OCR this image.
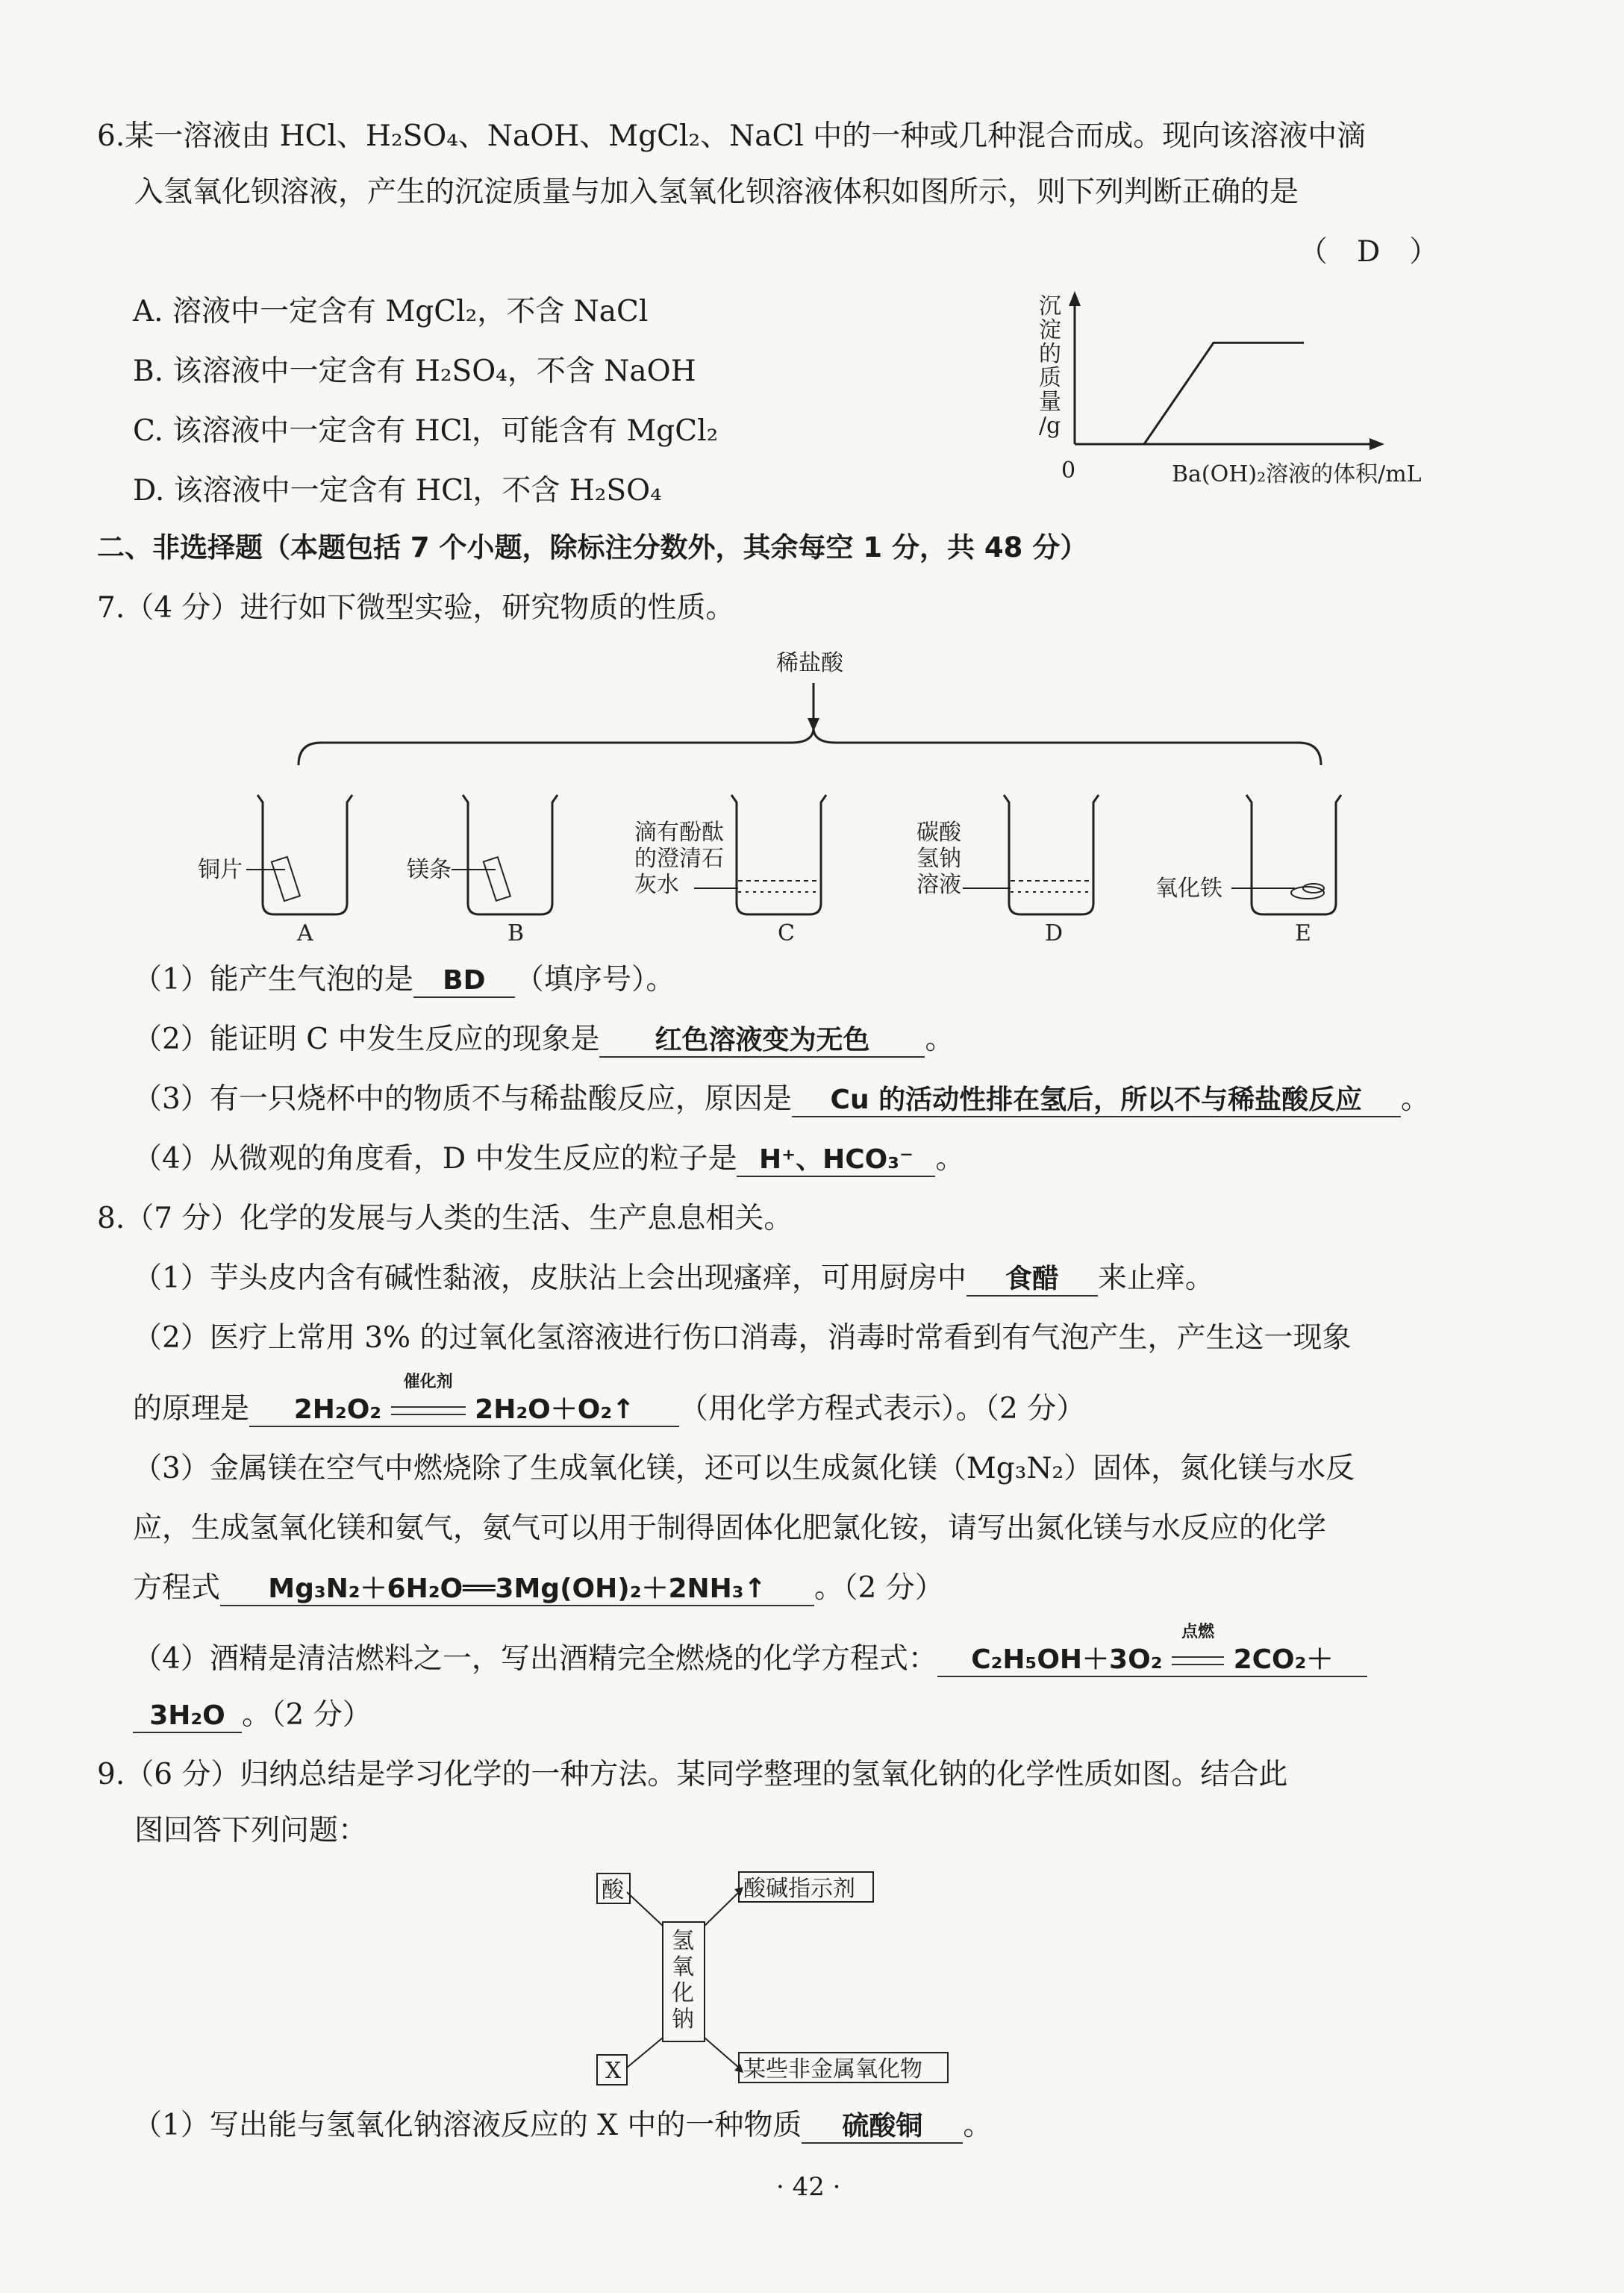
6.某一溶液由 HCl、H₂SO₄、NaOH、MgCl₂、NaCl 中的一种或几种混合而成。现向该溶液中滴
入氢氧化钡溶液，产生的沉淀质量与加入氢氧化钡溶液体积如图所示，则下列判断正确的是
（　D　）
A. 溶液中一定含有 MgCl₂，不含 NaCl
B. 该溶液中一定含有 H₂SO₄，不含 NaOH
C. 该溶液中一定含有 HCl，可能含有 MgCl₂
D. 该溶液中一定含有 HCl，不含 H₂SO₄
沉淀的质量/g
0	Ba(OH)₂溶液的体积/mL
二、非选择题（本题包括 7 个小题，除标注分数外，其余每空 1 分，共 48 分）
7.（4 分）进行如下微型实验，研究物质的性质。
稀盐酸
铜片
A
镁条
B
滴有酚酞
的澄清石
灰水
C
碳酸
氢钠
溶液
D
氧化铁
E
（1）能产生气泡的是 BD （填序号）。
（2）能证明 C 中发生反应的现象是 红色溶液变为无色 。
（3）有一只烧杯中的物质不与稀盐酸反应，原因是 Cu 的活动性排在氢后，所以不与稀盐酸反应 。
（4）从微观的角度看，D 中发生反应的粒子是 H⁺、HCO₃⁻ 。
8.（7 分）化学的发展与人类的生活、生产息息相关。
（1）芋头皮内含有碱性黏液，皮肤沾上会出现瘙痒，可用厨房中 食醋 来止痒。
（2）医疗上常用 3% 的过氧化氢溶液进行伤口消毒，消毒时常看到有气泡产生，产生这一现象
的原理是 2H₂O₂
催化剂
2H₂O＋O₂↑ （用化学方程式表示）。（2 分）
（3）金属镁在空气中燃烧除了生成氧化镁，还可以生成氮化镁（Mg₃N₂）固体，氮化镁与水反
应，生成氢氧化镁和氨气，氨气可以用于制得固体化肥氯化铵，请写出氮化镁与水反应的化学
方程式 Mg₃N₂＋6H₂O══3Mg(OH)₂＋2NH₃↑ 。（2 分）
（4）酒精是清洁燃料之一，写出酒精完全燃烧的化学方程式： C₂H₅OH＋3O₂
点燃
2CO₂＋
3H₂O 。（2 分）
9.（6 分）归纳总结是学习化学的一种方法。某同学整理的氢氧化钠的化学性质如图。结合此
图回答下列问题：
氢
氧
化
钠
酸	酸碱指示剂
X	某些非金属氧化物
（1）写出能与氢氧化钠溶液反应的 X 中的一种物质 硫酸铜 。
· 42 ·
